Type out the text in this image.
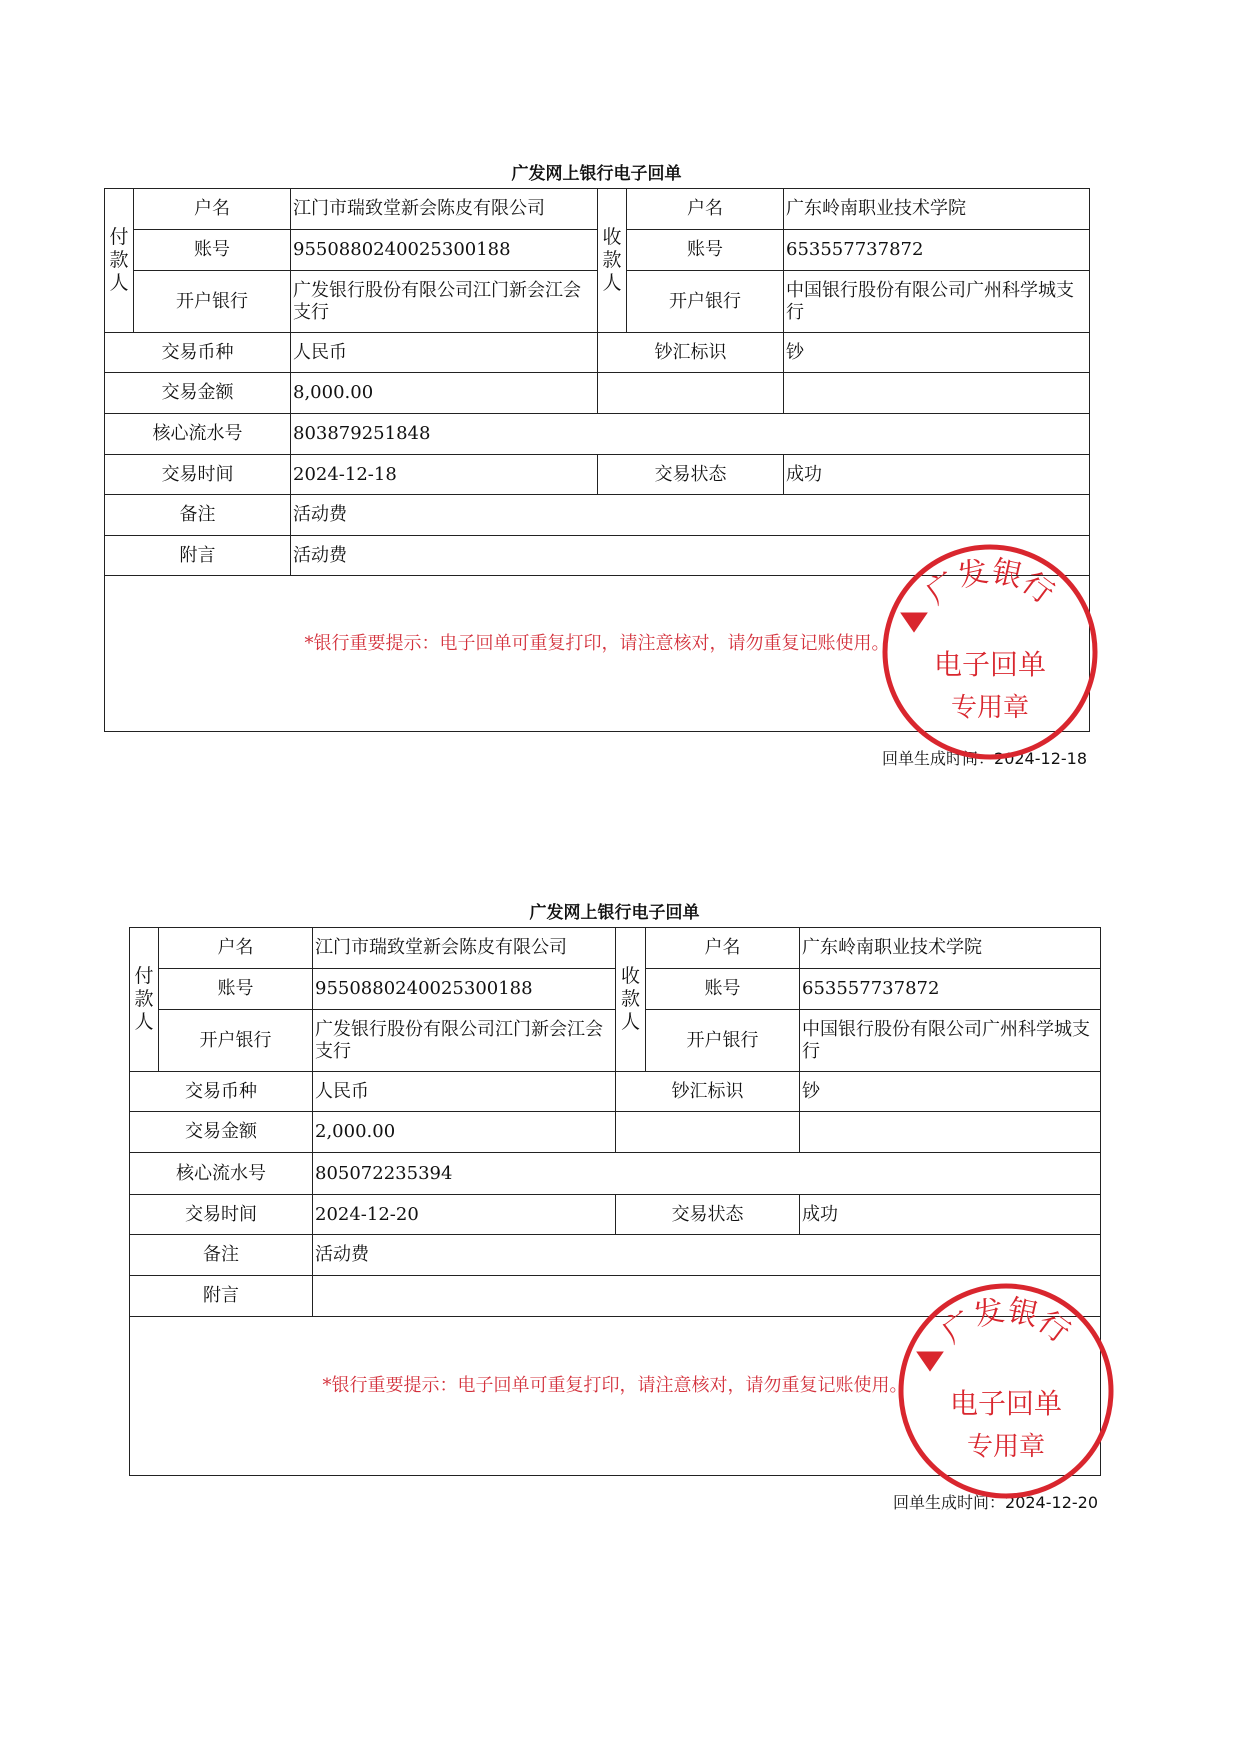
广发网上银行电子回单
付款人	户名	江门市瑞致堂新会陈皮有限公司	收款人	户名	广东岭南职业技术学院
	账号	9550880240025300188		账号	653557737872
	开户银行	广发银行股份有限公司江门新会江会支行		开户银行	中国银行股份有限公司广州科学城支行
交易币种		人民币	钞汇标识		钞
交易金额		8,000.00			
核心流水号		803879251848			
交易时间		2024-12-18	交易状态		成功
备注		活动费			
附言		活动费			
*银行重要提示：电子回单可重复打印，请注意核对，请勿重复记账使用。					
回单生成时间：2024-12-18
广发网上银行电子回单
付款人	户名	江门市瑞致堂新会陈皮有限公司	收款人	户名	广东岭南职业技术学院
	账号	9550880240025300188		账号	653557737872
	开户银行	广发银行股份有限公司江门新会江会支行		开户银行	中国银行股份有限公司广州科学城支行
交易币种		人民币	钞汇标识		钞
交易金额		2,000.00			
核心流水号		805072235394			
交易时间		2024-12-20	交易状态		成功
备注		活动费			
附言					
*银行重要提示：电子回单可重复打印，请注意核对，请勿重复记账使用。					
回单生成时间：2024-12-20
广发银行
电子回单
专用章
广发银行
电子回单
专用章
